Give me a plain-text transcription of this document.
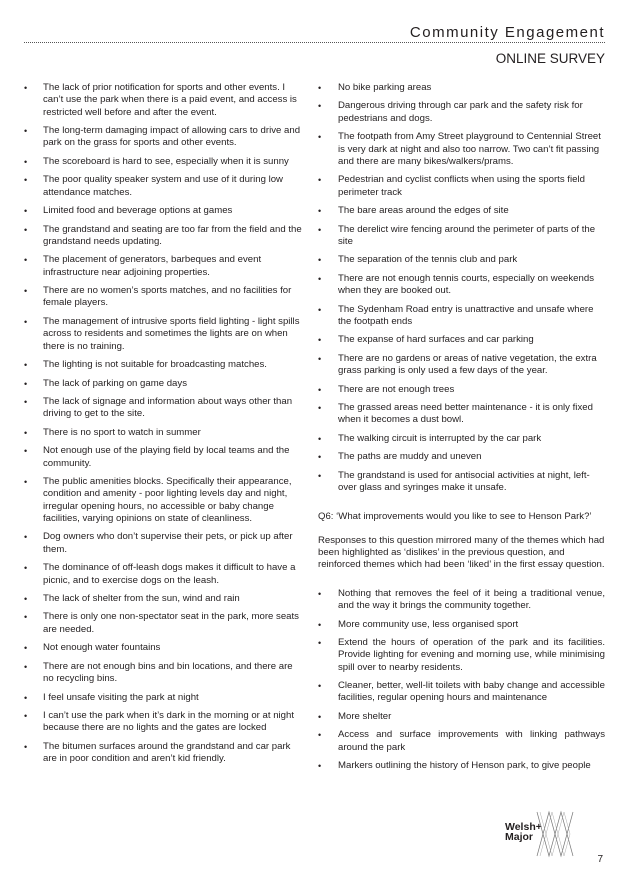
Community Engagement
ONLINE SURVEY
• The lack of prior notification for sports and other events. I can’t use the park when there is a paid event, and access is restricted well before and after the event.
• The long-term damaging impact of allowing cars to drive and park on the grass for sports and other events.
• The scoreboard is hard to see, especially when it is sunny
• The poor quality speaker system and use of it during low attendance matches.
• Limited food and beverage options at games
• The grandstand and seating are too far from the field and the grandstand needs updating.
• The placement of generators, barbeques and event infrastructure near adjoining properties.
• There are no women’s sports matches, and no facilities for female players.
• The management of intrusive sports field lighting - light spills across to residents and sometimes the lights are on when there is no training.
• The lighting is not suitable for broadcasting matches.
• The lack of parking on game days
• The lack of signage and information about ways other than driving to get to the site.
• There is no sport to watch in summer
• Not enough use of the playing field by local teams and the community.
• The public amenities blocks. Specifically their appearance, condition and amenity - poor lighting levels day and night, irregular opening hours, no accessible or baby change facilities, varying opinions on state of cleanliness.
• Dog owners who don’t supervise their pets, or pick up after them.
• The dominance of off-leash dogs makes it difficult to have a picnic, and to exercise dogs on the leash.
• The lack of shelter from the sun, wind and rain
• There is only one non-spectator seat in the park, more seats are needed.
• Not enough water fountains
• There are not enough bins and bin locations, and there are no recycling bins.
• I feel unsafe visiting the park at night
• I can’t use the park when it’s dark in the morning or at night because there are no lights and the gates are locked
• The bitumen surfaces around the grandstand and car park are in poor condition and aren’t kid friendly.
• No bike parking areas
• Dangerous driving through car park and the safety risk for pedestrians and dogs.
• The footpath from Amy Street playground to Centennial Street is very dark at night and also too narrow. Two can’t fit passing and there are many bikes/walkers/prams.
• Pedestrian and cyclist conflicts when using the sports field perimeter track
• The bare areas around the edges of site
• The derelict wire fencing around the perimeter of parts of the site
• The separation of the tennis club and park
• There are not enough tennis courts, especially on weekends when they are booked out.
• The Sydenham Road entry is unattractive and unsafe where the footpath ends
• The expanse of hard surfaces and car parking
• There are no gardens or areas of native vegetation, the extra grass parking is only used a few days of the year.
• There are not enough trees
• The grassed areas need better maintenance - it is only fixed when it becomes a dust bowl.
• The walking circuit is interrupted by the car park
• The paths are muddy and uneven
• The grandstand is used for antisocial activities at night, left-over glass and syringes make it unsafe.

Q6: ‘What improvements would you like to see to Henson Park?’

Responses to this question mirrored many of the themes which had been highlighted as ‘dislikes’ in the previous question, and reinforced themes which had been ‘liked’ in the first essay question.

• Nothing that removes the feel of it being a traditional venue, and the way it brings the community together.
• More community use, less organised sport
• Extend the hours of operation of the park and its facilities. Provide lighting for evening and morning use, while minimising spill over to nearby residents.
• Cleaner, better, well-lit toilets with baby change and accessible facilities, regular opening hours and maintenance
• More shelter
• Access and surface improvements with linking pathways around the park
• Markers outlining the history of Henson park, to give people
Welsh+
Major
7
